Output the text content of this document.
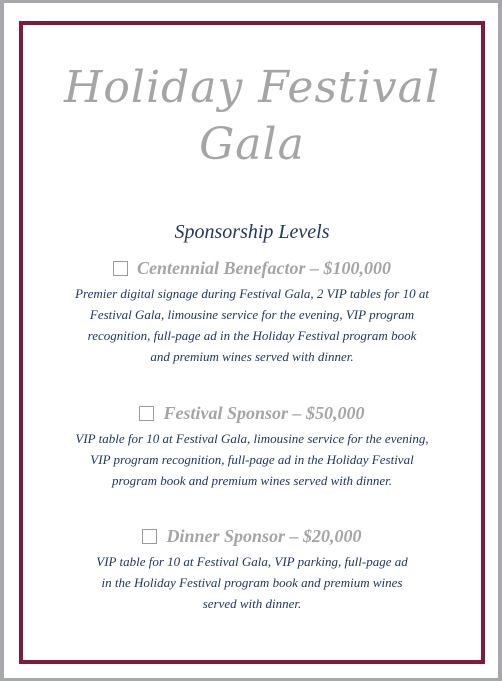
Holiday Festival
Gala
Sponsorship Levels
Centennial Benefactor – $100,000
Premier digital signage during Festival Gala, 2 VIP tables for 10 at
Festival Gala, limousine service for the evening, VIP program
recognition, full-page ad in the Holiday Festival program book
and premium wines served with dinner.
Festival Sponsor – $50,000
VIP table for 10 at Festival Gala, limousine service for the evening,
VIP program recognition, full-page ad in the Holiday Festival
program book and premium wines served with dinner.
Dinner Sponsor – $20,000
VIP table for 10 at Festival Gala, VIP parking, full-page ad
in the Holiday Festival program book and premium wines
served with dinner.
